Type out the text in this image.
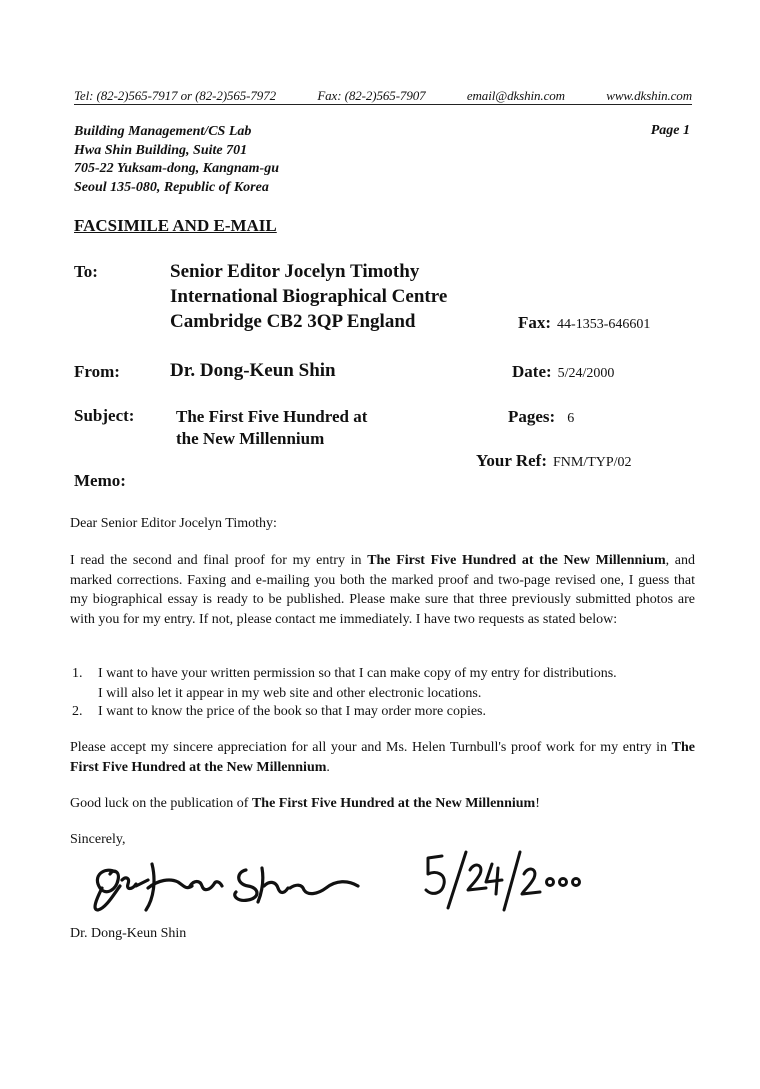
Tel: (82-2)565-7917 or (82-2)565-7972	Fax: (82-2)565-7907	email@dkshin.com	www.dkshin.com
Building Management/CS Lab
Hwa Shin Building, Suite 701
705-22 Yuksam-dong, Kangnam-gu
Seoul 135-080, Republic of Korea
Page 1
FACSIMILE AND E-MAIL
To:	Senior Editor Jocelyn Timothy
International Biographical Centre
Cambridge CB2 3QP England	Fax: 44-1353-646601
From:	Dr. Dong-Keun Shin	Date: 5/24/2000
Subject: The First Five Hundred at
the New Millennium
Pages: 6
Your Ref: FNM/TYP/02
Memo:
Dear Senior Editor Jocelyn Timothy:
I read the second and final proof for my entry in The First Five Hundred at the New Millennium, and marked corrections. Faxing and e-mailing you both the marked proof and two-page revised one, I guess that my biographical essay is ready to be published. Please make sure that three previously submitted photos are with you for my entry. If not, please contact me immediately. I have two requests as stated below:
1. I want to have your written permission so that I can make copy of my entry for distributions.
I will also let it appear in my web site and other electronic locations.
2. I want to know the price of the book so that I may order more copies.
Please accept my sincere appreciation for all your and Ms. Helen Turnbull's proof work for my entry in The First Five Hundred at the New Millennium.
Good luck on the publication of The First Five Hundred at the New Millennium!
Sincerely,
Dr. Dong-Keun Shin
